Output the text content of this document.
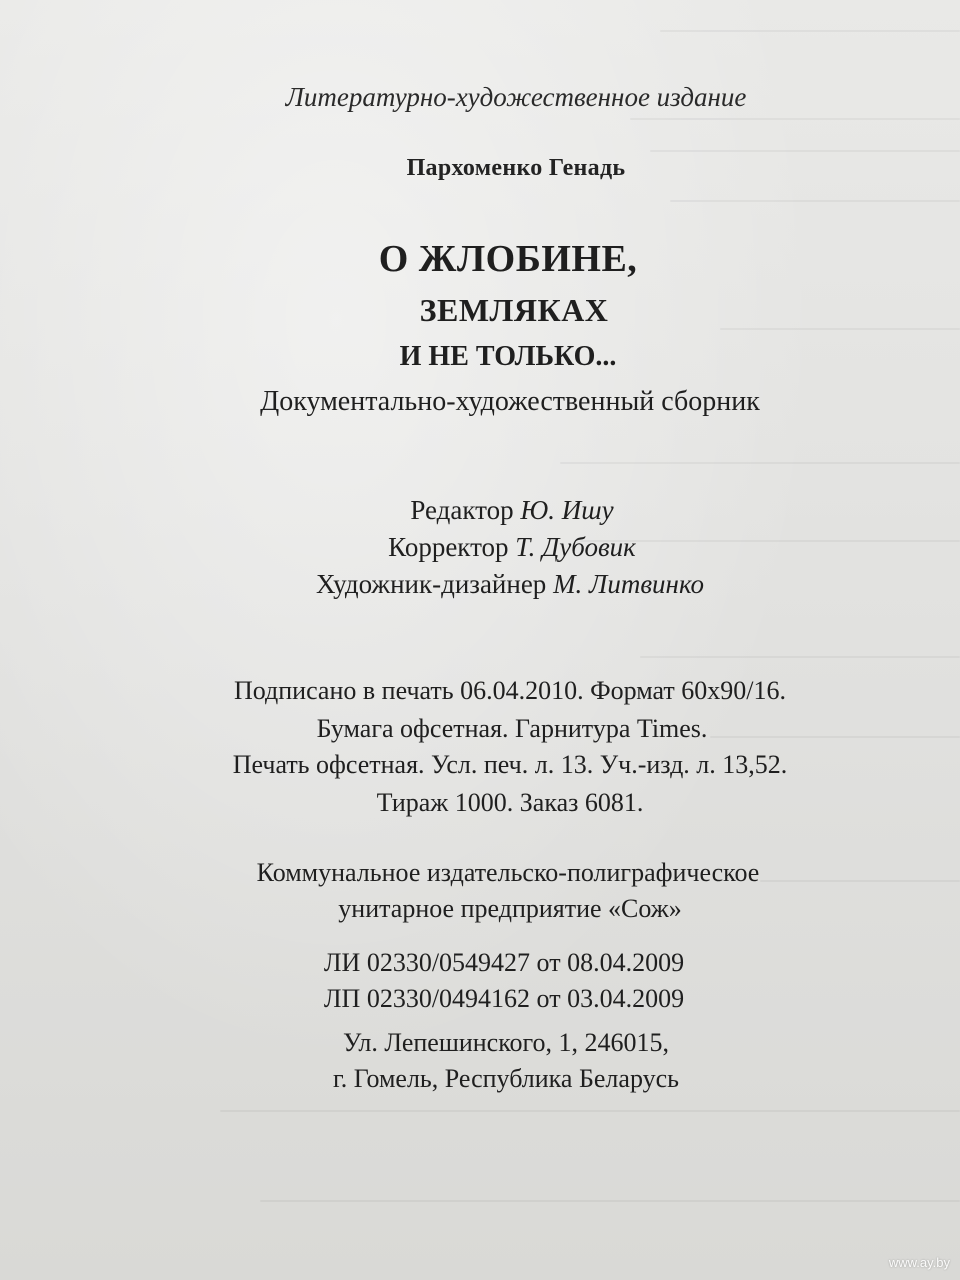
Литературно-художественное издание
Пархоменко Генадь
О ЖЛОБИНЕ,
ЗЕМЛЯКАХ
И НЕ ТОЛЬКО...
Документально-художественный сборник
Редактор Ю. Ишу
Корректор Т. Дубовик
Художник-дизайнер М. Литвинко
Подписано в печать 06.04.2010. Формат 60х90/16.
Бумага офсетная. Гарнитура Times.
Печать офсетная. Усл. печ. л. 13. Уч.-изд. л. 13,52.
Тираж 1000. Заказ 6081.
Коммунальное издательско-полиграфическое
унитарное предприятие «Сож»
ЛИ 02330/0549427 от 08.04.2009
ЛП 02330/0494162 от 03.04.2009
Ул. Лепешинского, 1, 246015,
г. Гомель, Республика Беларусь
www.ay.by
